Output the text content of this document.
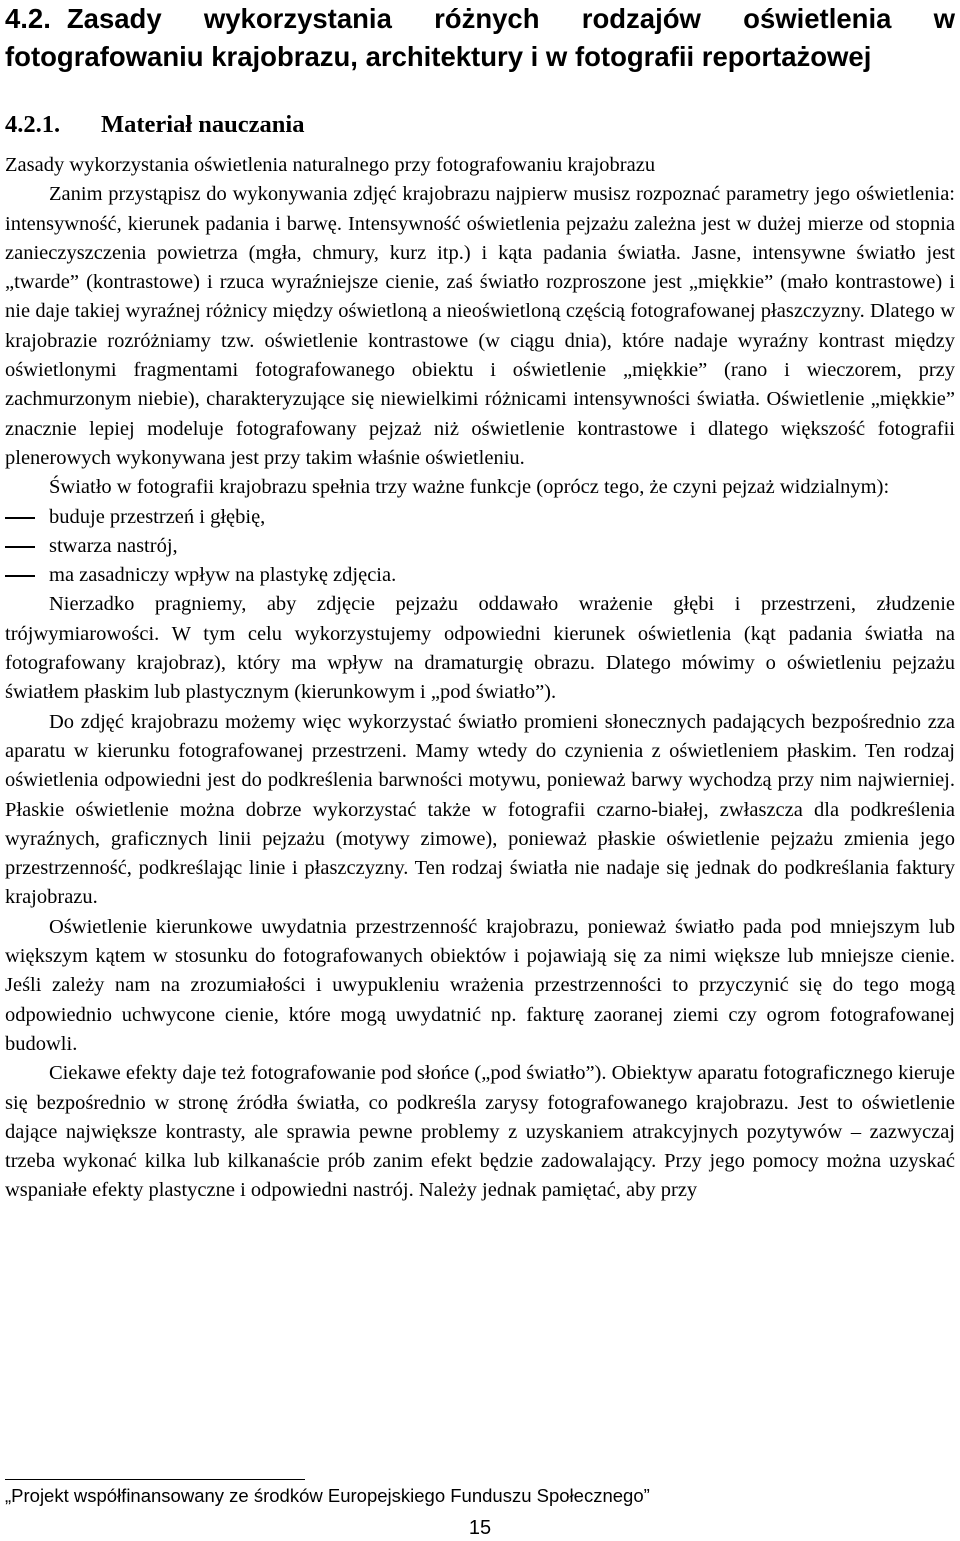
4.2. Zasady wykorzystania różnych rodzajów oświetlenia w fotografowaniu krajobrazu, architektury i w fotografii reportażowej
4.2.1. Materiał nauczania
Zasady wykorzystania oświetlenia naturalnego przy fotografowaniu krajobrazu

Zanim przystąpisz do wykonywania zdjęć krajobrazu najpierw musisz rozpoznać parametry jego oświetlenia: intensywność, kierunek padania i barwę. Intensywność oświetlenia pejzażu zależna jest w dużej mierze od stopnia zanieczyszczenia powietrza (mgła, chmury, kurz itp.) i kąta padania światła. Jasne, intensywne światło jest „twarde” (kontrastowe) i rzuca wyraźniejsze cienie, zaś światło rozproszone jest „miękkie” (mało kontrastowe) i nie daje takiej wyraźnej różnicy między oświetloną a nieoświetloną częścią fotografowanej płaszczyzny. Dlatego w krajobrazie rozróżniamy tzw. oświetlenie kontrastowe (w ciągu dnia), które nadaje wyraźny kontrast między oświetlonymi fragmentami fotografowanego obiektu i oświetlenie „miękkie” (rano i wieczorem, przy zachmurzonym niebie), charakteryzujące się niewielkimi różnicami intensywności światła. Oświetlenie „miękkie” znacznie lepiej modeluje fotografowany pejzaż niż oświetlenie kontrastowe i dlatego większość fotografii plenerowych wykonywana jest przy takim właśnie oświetleniu.

Światło w fotografii krajobrazu spełnia trzy ważne funkcje (oprócz tego, że czyni pejzaż widzialnym):

buduje przestrzeń i głębię,
stwarza nastrój,
ma zasadniczy wpływ na plastykę zdjęcia.

Nierzadko pragniemy, aby zdjęcie pejzażu oddawało wrażenie głębi i przestrzeni, złudzenie trójwymiarowości. W tym celu wykorzystujemy odpowiedni kierunek oświetlenia (kąt padania światła na fotografowany krajobraz), który ma wpływ na dramaturgię obrazu. Dlatego mówimy o oświetleniu pejzażu światłem płaskim lub plastycznym (kierunkowym i „pod światło”).

Do zdjęć krajobrazu możemy więc wykorzystać światło promieni słonecznych padających bezpośrednio zza aparatu w kierunku fotografowanej przestrzeni. Mamy wtedy do czynienia z oświetleniem płaskim. Ten rodzaj oświetlenia odpowiedni jest do podkreślenia barwności motywu, ponieważ barwy wychodzą przy nim najwierniej. Płaskie oświetlenie można dobrze wykorzystać także w fotografii czarno-białej, zwłaszcza dla podkreślenia wyraźnych, graficznych linii pejzażu (motywy zimowe), ponieważ płaskie oświetlenie pejzażu zmienia jego przestrzenność, podkreślając linie i płaszczyzny. Ten rodzaj światła nie nadaje się jednak do podkreślania faktury krajobrazu.

Oświetlenie kierunkowe uwydatnia przestrzenność krajobrazu, ponieważ światło pada pod mniejszym lub większym kątem w stosunku do fotografowanych obiektów i pojawiają się za nimi większe lub mniejsze cienie. Jeśli zależy nam na zrozumiałości i uwypukleniu wrażenia przestrzenności to przyczynić się do tego mogą odpowiednio uchwycone cienie, które mogą uwydatnić np. fakturę zaoranej ziemi czy ogrom fotografowanej budowli.

Ciekawe efekty daje też fotografowanie pod słońce („pod światło”). Obiektyw aparatu fotograficznego kieruje się bezpośrednio w stronę źródła światła, co podkreśla zarysy fotografowanego krajobrazu. Jest to oświetlenie dające największe kontrasty, ale sprawia pewne problemy z uzyskaniem atrakcyjnych pozytywów – zazwyczaj trzeba wykonać kilka lub kilkanaście prób zanim efekt będzie zadowalający. Przy jego pomocy można uzyskać wspaniałe efekty plastyczne i odpowiedni nastrój. Należy jednak pamiętać, aby przy

„Projekt współfinansowany ze środków Europejskiego Funduszu Społecznego”
15
